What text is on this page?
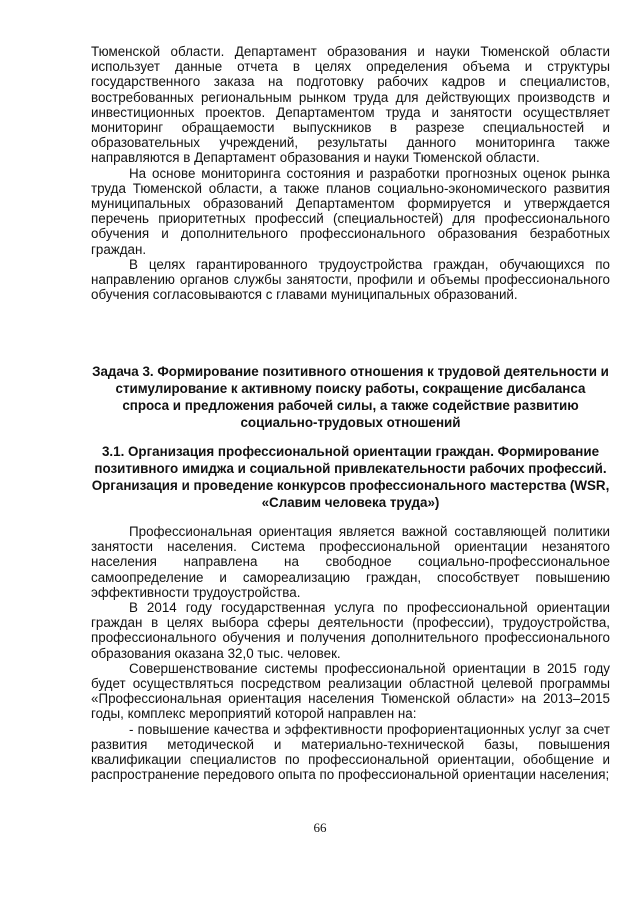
Тюменской области. Департамент образования и науки Тюменской области использует данные отчета в целях определения объема и структуры государственного заказа на подготовку рабочих кадров и специалистов, востребованных региональным рынком труда для действующих производств и инвестиционных проектов. Департаментом труда и занятости осуществляет мониторинг обращаемости выпускников в разрезе специальностей и образовательных учреждений, результаты данного мониторинга также направляются в Департамент образования и науки Тюменской области.

На основе мониторинга состояния и разработки прогнозных оценок рынка труда Тюменской области, а также планов социально-экономического развития муниципальных образований Департаментом формируется и утверждается перечень приоритетных профессий (специальностей) для профессионального обучения и дополнительного профессионального образования безработных граждан.

В целях гарантированного трудоустройства граждан, обучающихся по направлению органов службы занятости, профили и объемы профессионального обучения согласовываются с главами муниципальных образований.

Задача 3. Формирование позитивного отношения к трудовой деятельности и стимулирование к активному поиску работы, сокращение дисбаланса спроса и предложения рабочей силы, а также содействие развитию социально-трудовых отношений
3.1. Организация профессиональной ориентации граждан. Формирование позитивного имиджа и социальной привлекательности рабочих профессий. Организация и проведение конкурсов профессионального мастерства (WSR, «Славим человека труда»)

Профессиональная ориентация является важной составляющей политики занятости населения. Система профессиональной ориентации незанятого населения направлена на свободное социально-профессиональное самоопределение и самореализацию граждан, способствует повышению эффективности трудоустройства.

В 2014 году государственная услуга по профессиональной ориентации граждан в целях выбора сферы деятельности (профессии), трудоустройства, профессионального обучения и получения дополнительного профессионального образования оказана 32,0 тыс. человек.

Совершенствование системы профессиональной ориентации в 2015 году будет осуществляться посредством реализации областной целевой программы «Профессиональная ориентация населения Тюменской области» на 2013–2015 годы, комплекс мероприятий которой направлен на:

- повышение качества и эффективности профориентационных услуг за счет развития методической и материально-технической базы, повышения квалификации специалистов по профессиональной ориентации, обобщение и распространение передового опыта по профессиональной ориентации населения;

66
